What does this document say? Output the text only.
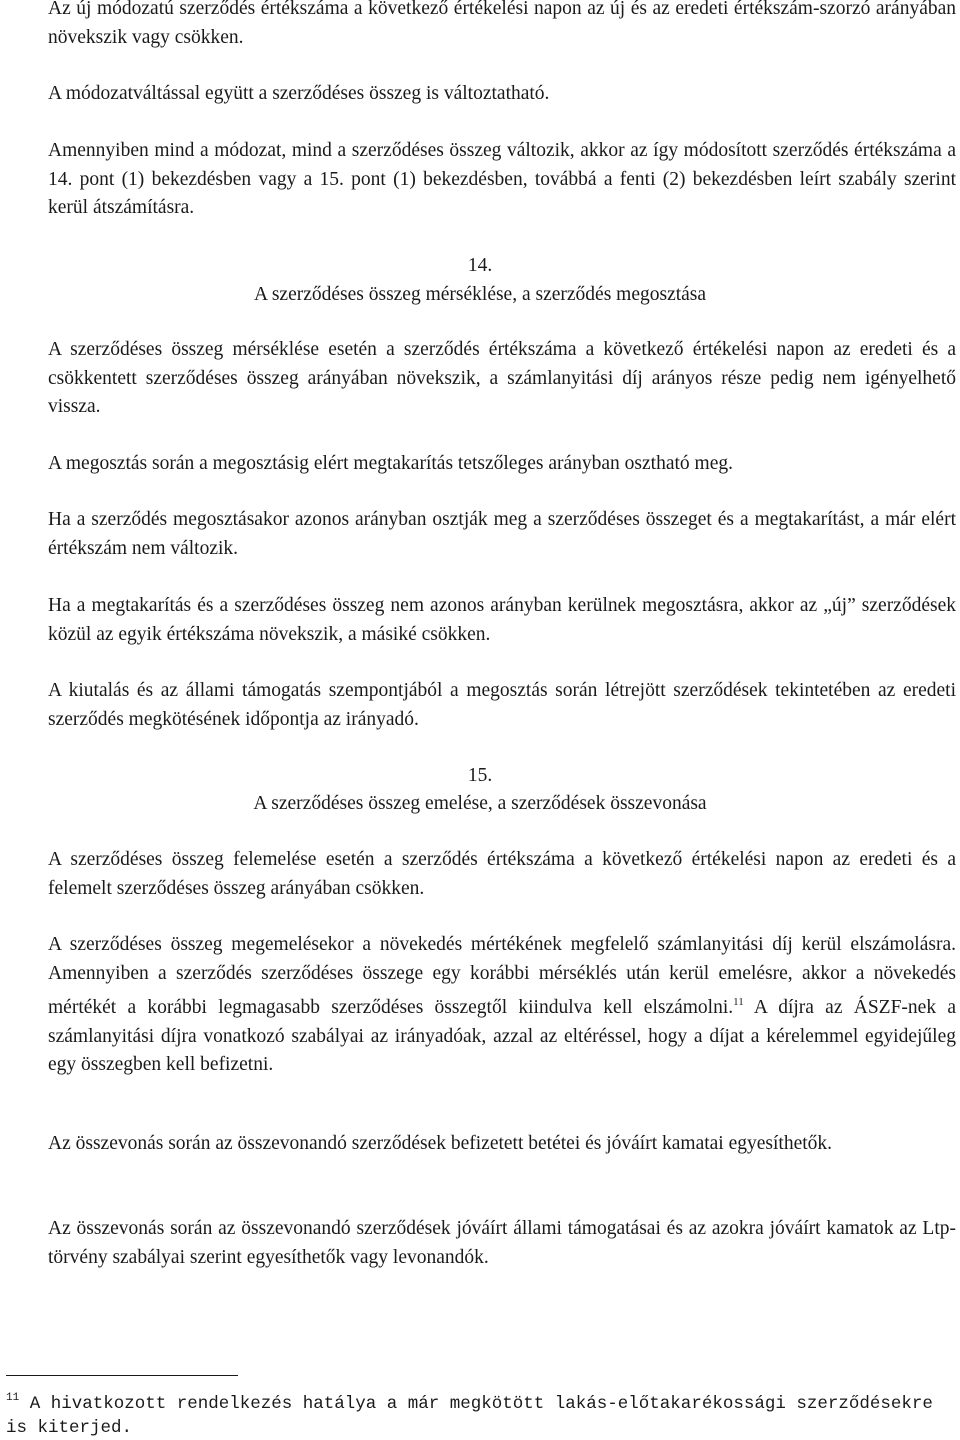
Az új módozatú szerződés értékszáma a következő értékelési napon az új és az eredeti értékszám-szorzó arányában növekszik vagy csökken.
A módozatváltással együtt a szerződéses összeg is változtatható.
Amennyiben mind a módozat, mind a szerződéses összeg változik, akkor az így módosított szerződés értékszáma a 14. pont (1) bekezdésben vagy a 15. pont (1) bekezdésben, továbbá a fenti (2) bekezdésben leírt szabály szerint kerül átszámításra.
14.
A szerződéses összeg mérséklése, a szerződés megosztása
A szerződéses összeg mérséklése esetén a szerződés értékszáma a következő értékelési napon az eredeti és a csökkentett szerződéses összeg arányában növekszik, a számlanyitási díj arányos része pedig nem igényelhető vissza.
A megosztás során a megosztásig elért megtakarítás tetszőleges arányban osztható meg.
Ha a szerződés megosztásakor azonos arányban osztják meg a szerződéses összeget és a megtakarítást, a már elért értékszám nem változik.
Ha a megtakarítás és a szerződéses összeg nem azonos arányban kerülnek megosztásra, akkor az „új” szerződések közül az egyik értékszáma növekszik, a másiké csökken.
A kiutalás és az állami támogatás szempontjából a megosztás során létrejött szerződések tekintetében az eredeti szerződés megkötésének időpontja az irányadó.
15.
A szerződéses összeg emelése, a szerződések összevonása
A szerződéses összeg felemelése esetén a szerződés értékszáma a következő értékelési napon az eredeti és a felemelt szerződéses összeg arányában csökken.
A szerződéses összeg megemelésekor a növekedés mértékének megfelelő számlanyitási díj kerül elszámolásra. Amennyiben a szerződés szerződéses összege egy korábbi mérséklés után kerül emelésre, akkor a növekedés mértékét a korábbi legmagasabb szerződéses összegtől kiindulva kell elszámolni.$^{11}$ A díjra az ÁSZF-nek a számlanyitási díjra vonatkozó szabályai az irányadóak, azzal az eltéréssel, hogy a díjat a kérelemmel egyidejűleg egy összegben kell befizetni.
Az összevonás során az összevonandó szerződések befizetett betétei és jóváírt kamatai egyesíthetők.
Az összevonás során az összevonandó szerződések jóváírt állami támogatásai és az azokra jóváírt kamatok az Ltp-törvény szabályai szerint egyesíthetők vagy levonandók.
$^{11}$ A hivatkozott rendelkezés hatálya a már megkötött lakás-előtakarékossági szerződésekre is kiterjed.
